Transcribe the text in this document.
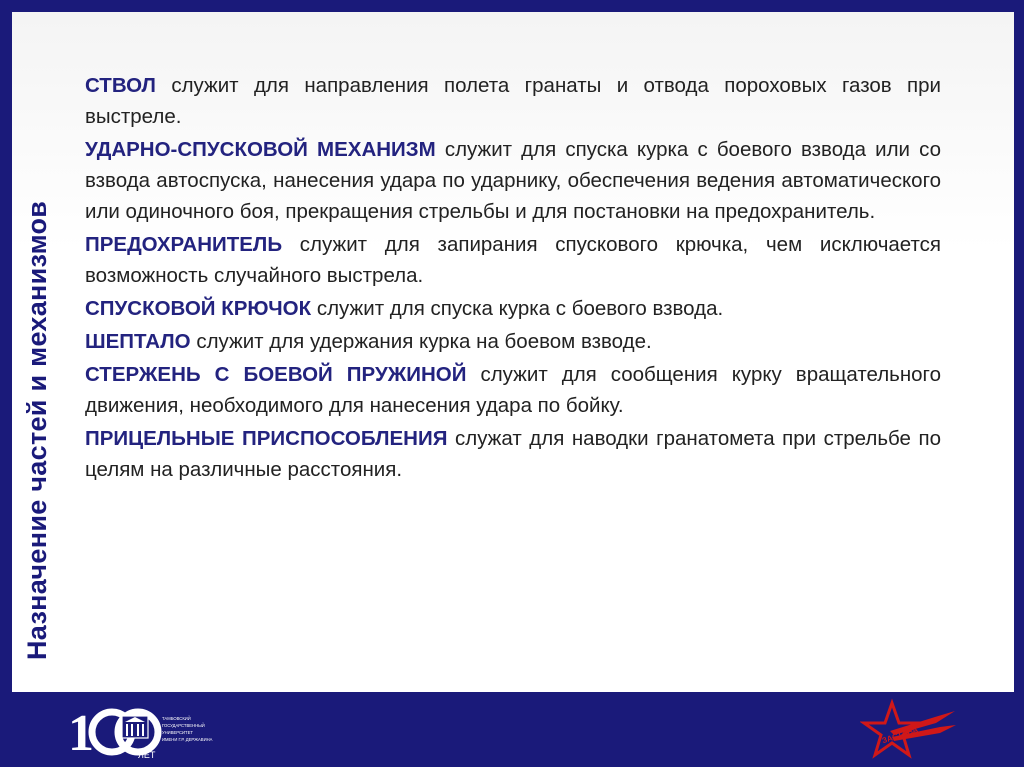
Назначение частей и механизмов

СТВОЛ служит для направления полета гранаты и отвода пороховых газов при выстреле.

УДАРНО-СПУСКОВОЙ МЕХАНИЗМ служит для спуска курка с боевого взвода или со взвода автоспуска, нанесения удара по ударнику, обеспечения ведения автоматического или одиночного боя, прекращения стрельбы и для постановки на предохранитель.

ПРЕДОХРАНИТЕЛЬ служит для запирания спускового крючка, чем исключается возможность случайного выстрела.

СПУСКОВОЙ КРЮЧОК служит для спуска курка с боевого взвода.

ШЕПТАЛО служит для удержания курка на боевом взводе.

СТЕРЖЕНЬ С БОЕВОЙ ПРУЖИНОЙ служит для сообщения курку вращательного движения, необходимого для нанесения удара по бойку.

ПРИЦЕЛЬНЫЕ ПРИСПОСОБЛЕНИЯ служат для наводки гранатомета при стрельбе по целям на различные расстояния.

1	ЛЕТ
ТАМБОВСКИЙ
ГОСУДАРСТВЕННЫЙ
УНИВЕРСИТЕТ
ИМЕНИ Г.Р. ДЕРЖАВИНА	ЗАСТАВА
